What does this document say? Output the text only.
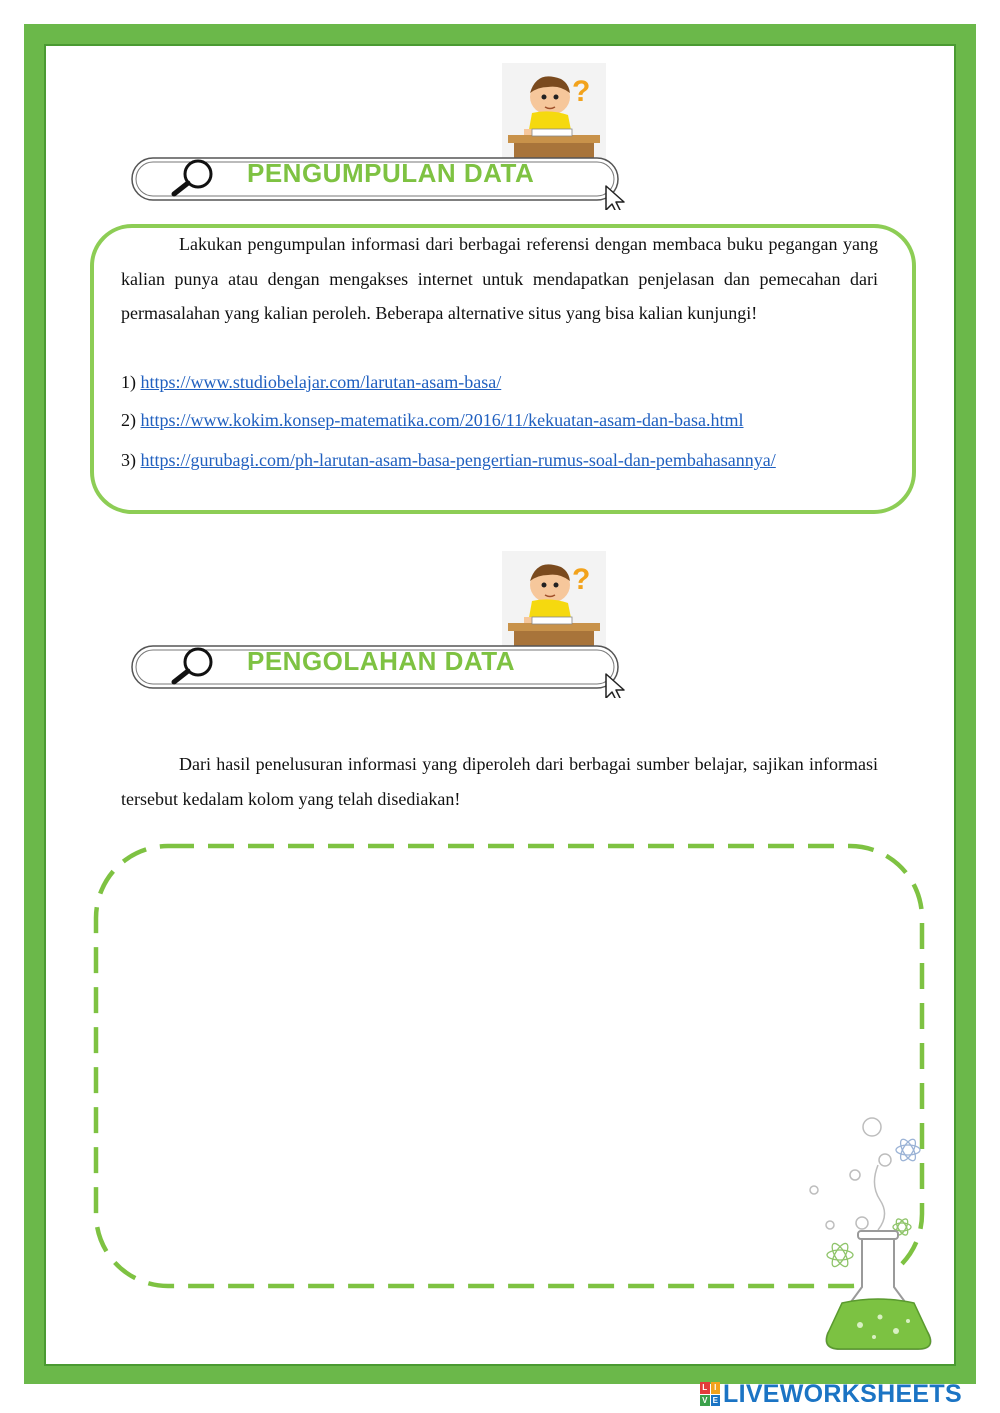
?
PENGUMPULAN DATA

Lakukan pengumpulan informasi dari berbagai referensi dengan membaca buku pegangan yang kalian punya atau dengan mengakses internet untuk mendapatkan penjelasan dan pemecahan dari permasalahan yang kalian peroleh. Beberapa alternative situs yang bisa kalian kunjungi!

1) https://www.studiobelajar.com/larutan-asam-basa/
2) https://www.kokim.konsep-matematika.com/2016/11/kekuatan-asam-dan-basa.html
3) https://gurubagi.com/ph-larutan-asam-basa-pengertian-rumus-soal-dan-pembahasannya/
?
PENGOLAHAN DATA

Dari hasil penelusuran informasi yang diperoleh dari berbagai sumber belajar, sajikan informasi tersebut kedalam kolom yang telah disediakan!

L I
V E LIVEWORKSHEETS
